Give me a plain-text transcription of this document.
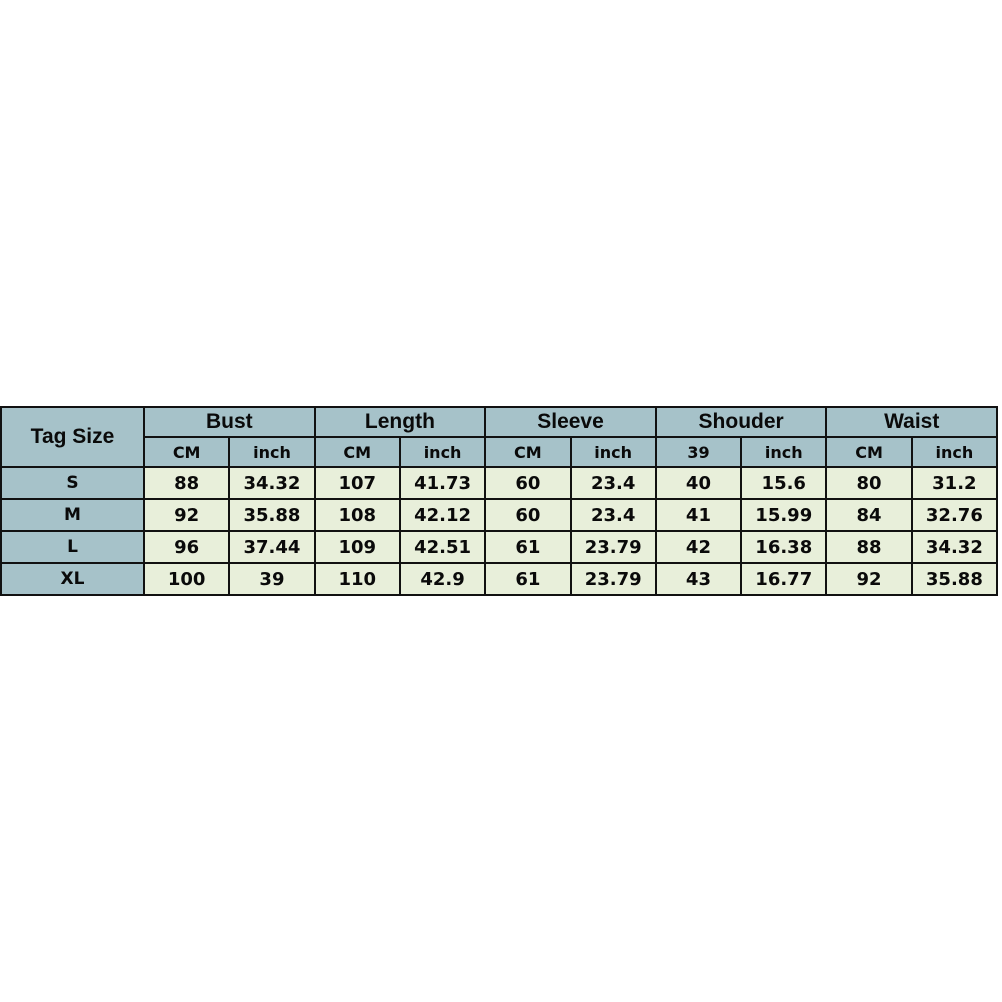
Tag Size	Bust		Length		Sleeve		Shouder		Waist	
	CM	inch	CM	inch	CM	inch	39	inch	CM	inch
S	88	34.32	107	41.73	60	23.4	40	15.6	80	31.2
M	92	35.88	108	42.12	60	23.4	41	15.99	84	32.76
L	96	37.44	109	42.51	61	23.79	42	16.38	88	34.32
XL	100	39	110	42.9	61	23.79	43	16.77	92	35.88
